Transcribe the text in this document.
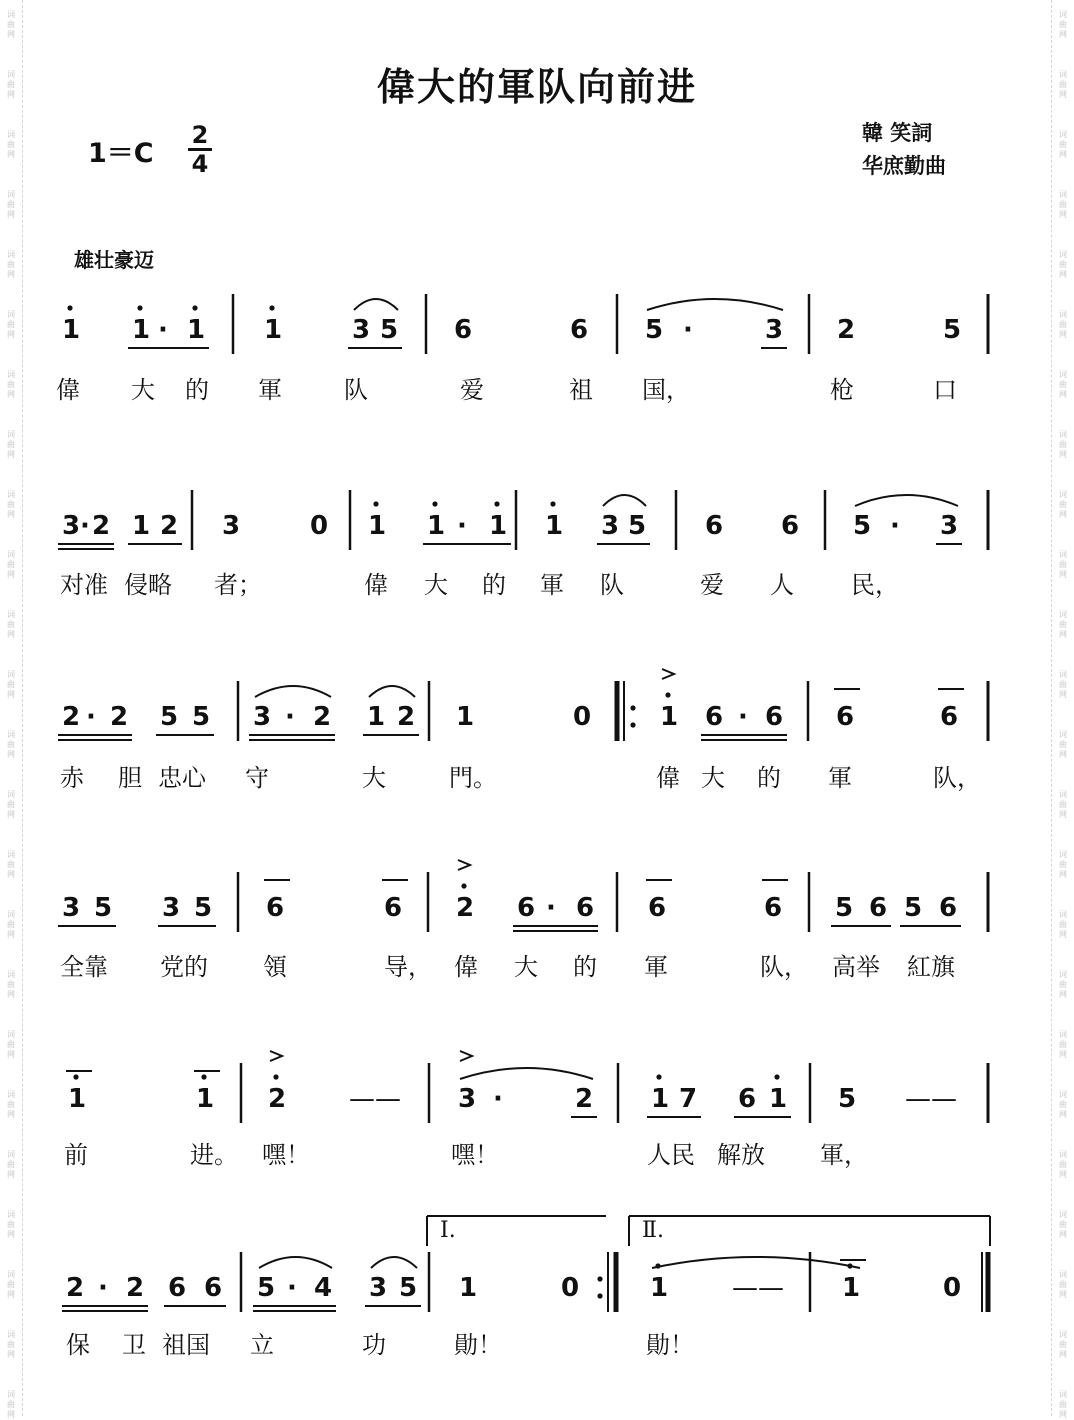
词
曲
网
词
曲
网
词
曲
网
词
曲
网
词
曲
网
词
曲
网
词
曲
网
词
曲
网
词
曲
网
词
曲
网
词
曲
网
词
曲
网
词
曲
网
词
曲
网
词
曲
网
词
曲
网
词
曲
网
词
曲
网
词
曲
网
词
曲
网
词
曲
网
词
曲
网
词
曲
网
词
曲
网
词
曲
网
词
曲
网
词
曲
网
词
曲
网
词
曲
网
词
曲
网
词
曲
网
词
曲
网
词
曲
网
词
曲
网
词
曲
网
词
曲
网
词
曲
网
词
曲
网
词
曲
网
词
曲
网
词
曲
网
词
曲
网
词
曲
网
词
曲
网
词
曲
网
词
曲
网
词
曲
网
词
曲
网
偉大的軍队向前进
1＝C
2
4
韓 笑詞
华庶勤曲
雄壮豪迈
1 1 · 1 1	3 5 6	6 5 ·	3 2	5
偉 大 的 軍	队	爱	祖 国，	枪	口
3 · 2 1 2 3	0 1 1 · 1 1 3 5 6 6 5 · 3
对准 侵略 者；	偉 大 的 軍 队	爱 人 民，
2 · 2 5 5 3 · 2 1 2 1	0	1 6 · 6 6	6
赤 胆 忠心 守	大	門。	偉 大 的 軍	队，
3 5 3 5 6	6 2 6 · 6 6	6 5 6 5 6
全靠 党的 領	导， 偉 大 的 軍	队， 高举 紅旗
1	1 2 —— 3 ·	2 1 7 6 1 5 ——
前	进。 嘿！	嘿！	人民 解放 軍，
2 · 2 6 6 5 · 4 3 5 1	0	1 —— 1	0
保 卫 祖国 立	功	勛！	勛！
Ⅰ.	Ⅱ.
